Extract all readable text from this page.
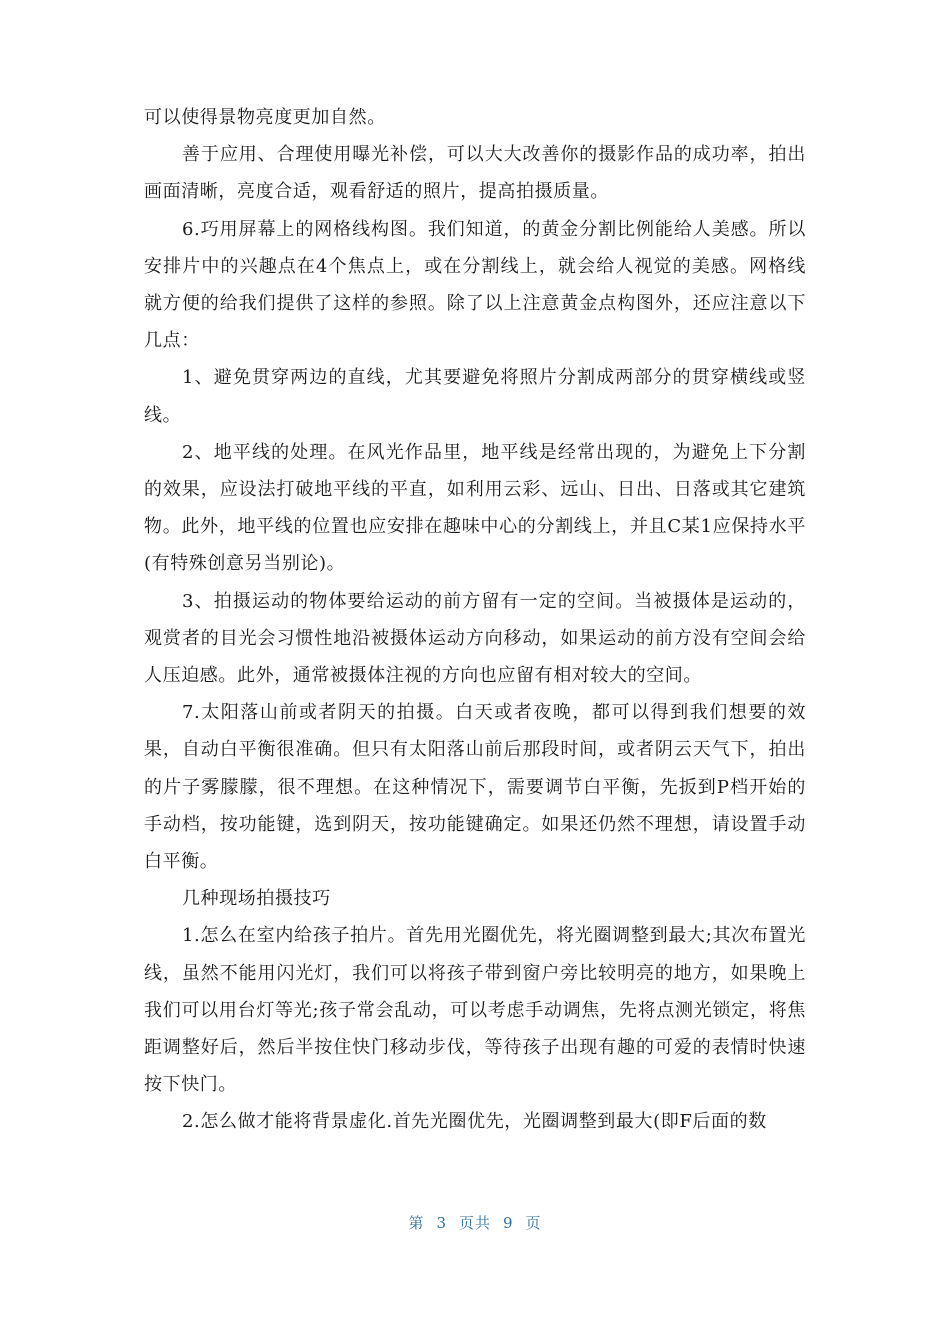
可以使得景物亮度更加自然。

善于应用、合理使用曝光补偿，可以大大改善你的摄影作品的成功率，拍出画面清晰，亮度合适，观看舒适的照片，提高拍摄质量。

6.巧用屏幕上的网格线构图。我们知道，的黄金分割比例能给人美感。所以安排片中的兴趣点在4个焦点上，或在分割线上，就会给人视觉的美感。网格线就方便的给我们提供了这样的参照。除了以上注意黄金点构图外，还应注意以下几点：

1、避免贯穿两边的直线，尤其要避免将照片分割成两部分的贯穿横线或竖线。

2、地平线的处理。在风光作品里，地平线是经常出现的，为避免上下分割的效果，应设法打破地平线的平直，如利用云彩、远山、日出、日落或其它建筑物。此外，地平线的位置也应安排在趣味中心的分割线上，并且C某1应保持水平(有特殊创意另当别论)。

3、拍摄运动的物体要给运动的前方留有一定的空间。当被摄体是运动的，观赏者的目光会习惯性地沿被摄体运动方向移动，如果运动的前方没有空间会给人压迫感。此外，通常被摄体注视的方向也应留有相对较大的空间。

7.太阳落山前或者阴天的拍摄。白天或者夜晚，都可以得到我们想要的效果，自动白平衡很准确。但只有太阳落山前后那段时间，或者阴云天气下，拍出的片子雾朦朦，很不理想。在这种情况下，需要调节白平衡，先扳到P档开始的手动档，按功能键，选到阴天，按功能键确定。如果还仍然不理想，请设置手动白平衡。

几种现场拍摄技巧

1.怎么在室内给孩子拍片。首先用光圈优先，将光圈调整到最大;其次布置光线，虽然不能用闪光灯，我们可以将孩子带到窗户旁比较明亮的地方，如果晚上我们可以用台灯等光;孩子常会乱动，可以考虑手动调焦，先将点测光锁定，将焦距调整好后，然后半按住快门移动步伐，等待孩子出现有趣的可爱的表情时快速按下快门。

2.怎么做才能将背景虚化.首先光圈优先，光圈调整到最大(即F后面的数

第 3 页共 9 页
